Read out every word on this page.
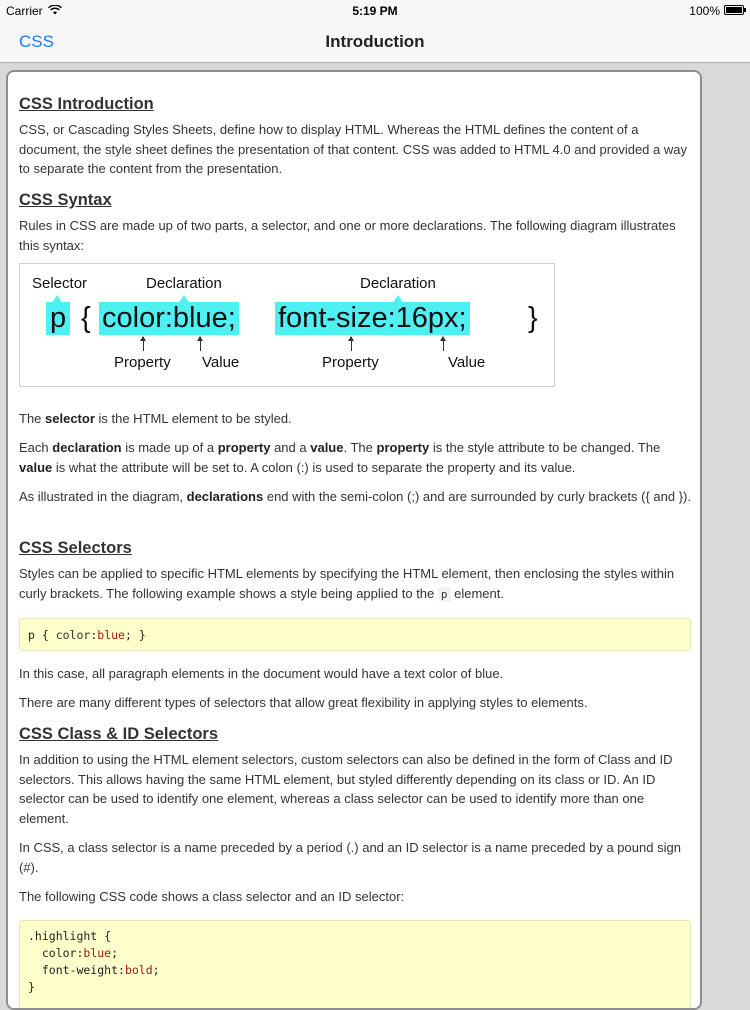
Carrier	5:19 PM	100%
CSS	Introduction
CSS Introduction

CSS, or Cascading Styles Sheets, define how to display HTML. Whereas the HTML defines the content of a document, the style sheet defines the presentation of that content. CSS was added to HTML 4.0 and provided a way to separate the content from the presentation.

CSS Syntax

Rules in CSS are made up of two parts, a selector, and one or more declarations. The following diagram illustrates this syntax:

Selector	Declaration	Declaration
p { color:blue; font-size:16px; }
Property Value	Property	Value

The selector is the HTML element to be styled.

Each declaration is made up of a property and a value. The property is the style attribute to be changed. The value is what the attribute will be set to. A colon (:) is used to separate the property and its value.

As illustrated in the diagram, declarations end with the semi-colon (;) and are surrounded by curly brackets ({ and }).

CSS Selectors

Styles can be applied to specific HTML elements by specifying the HTML element, then enclosing the styles within curly brackets. The following example shows a style being applied to the p element.

p { color:blue; }

In this case, all paragraph elements in the document would have a text color of blue.

There are many different types of selectors that allow great flexibility in applying styles to elements.

CSS Class & ID Selectors

In addition to using the HTML element selectors, custom selectors can also be defined in the form of Class and ID selectors. This allows having the same HTML element, but styled differently depending on its class or ID. An ID selector can be used to identify one element, whereas a class selector can be used to identify more than one element.

In CSS, a class selector is a name preceded by a period (.) and an ID selector is a name preceded by a pound sign (#).

The following CSS code shows a class selector and an ID selector:

.highlight {
color:blue;
font-weight:bold;
}
